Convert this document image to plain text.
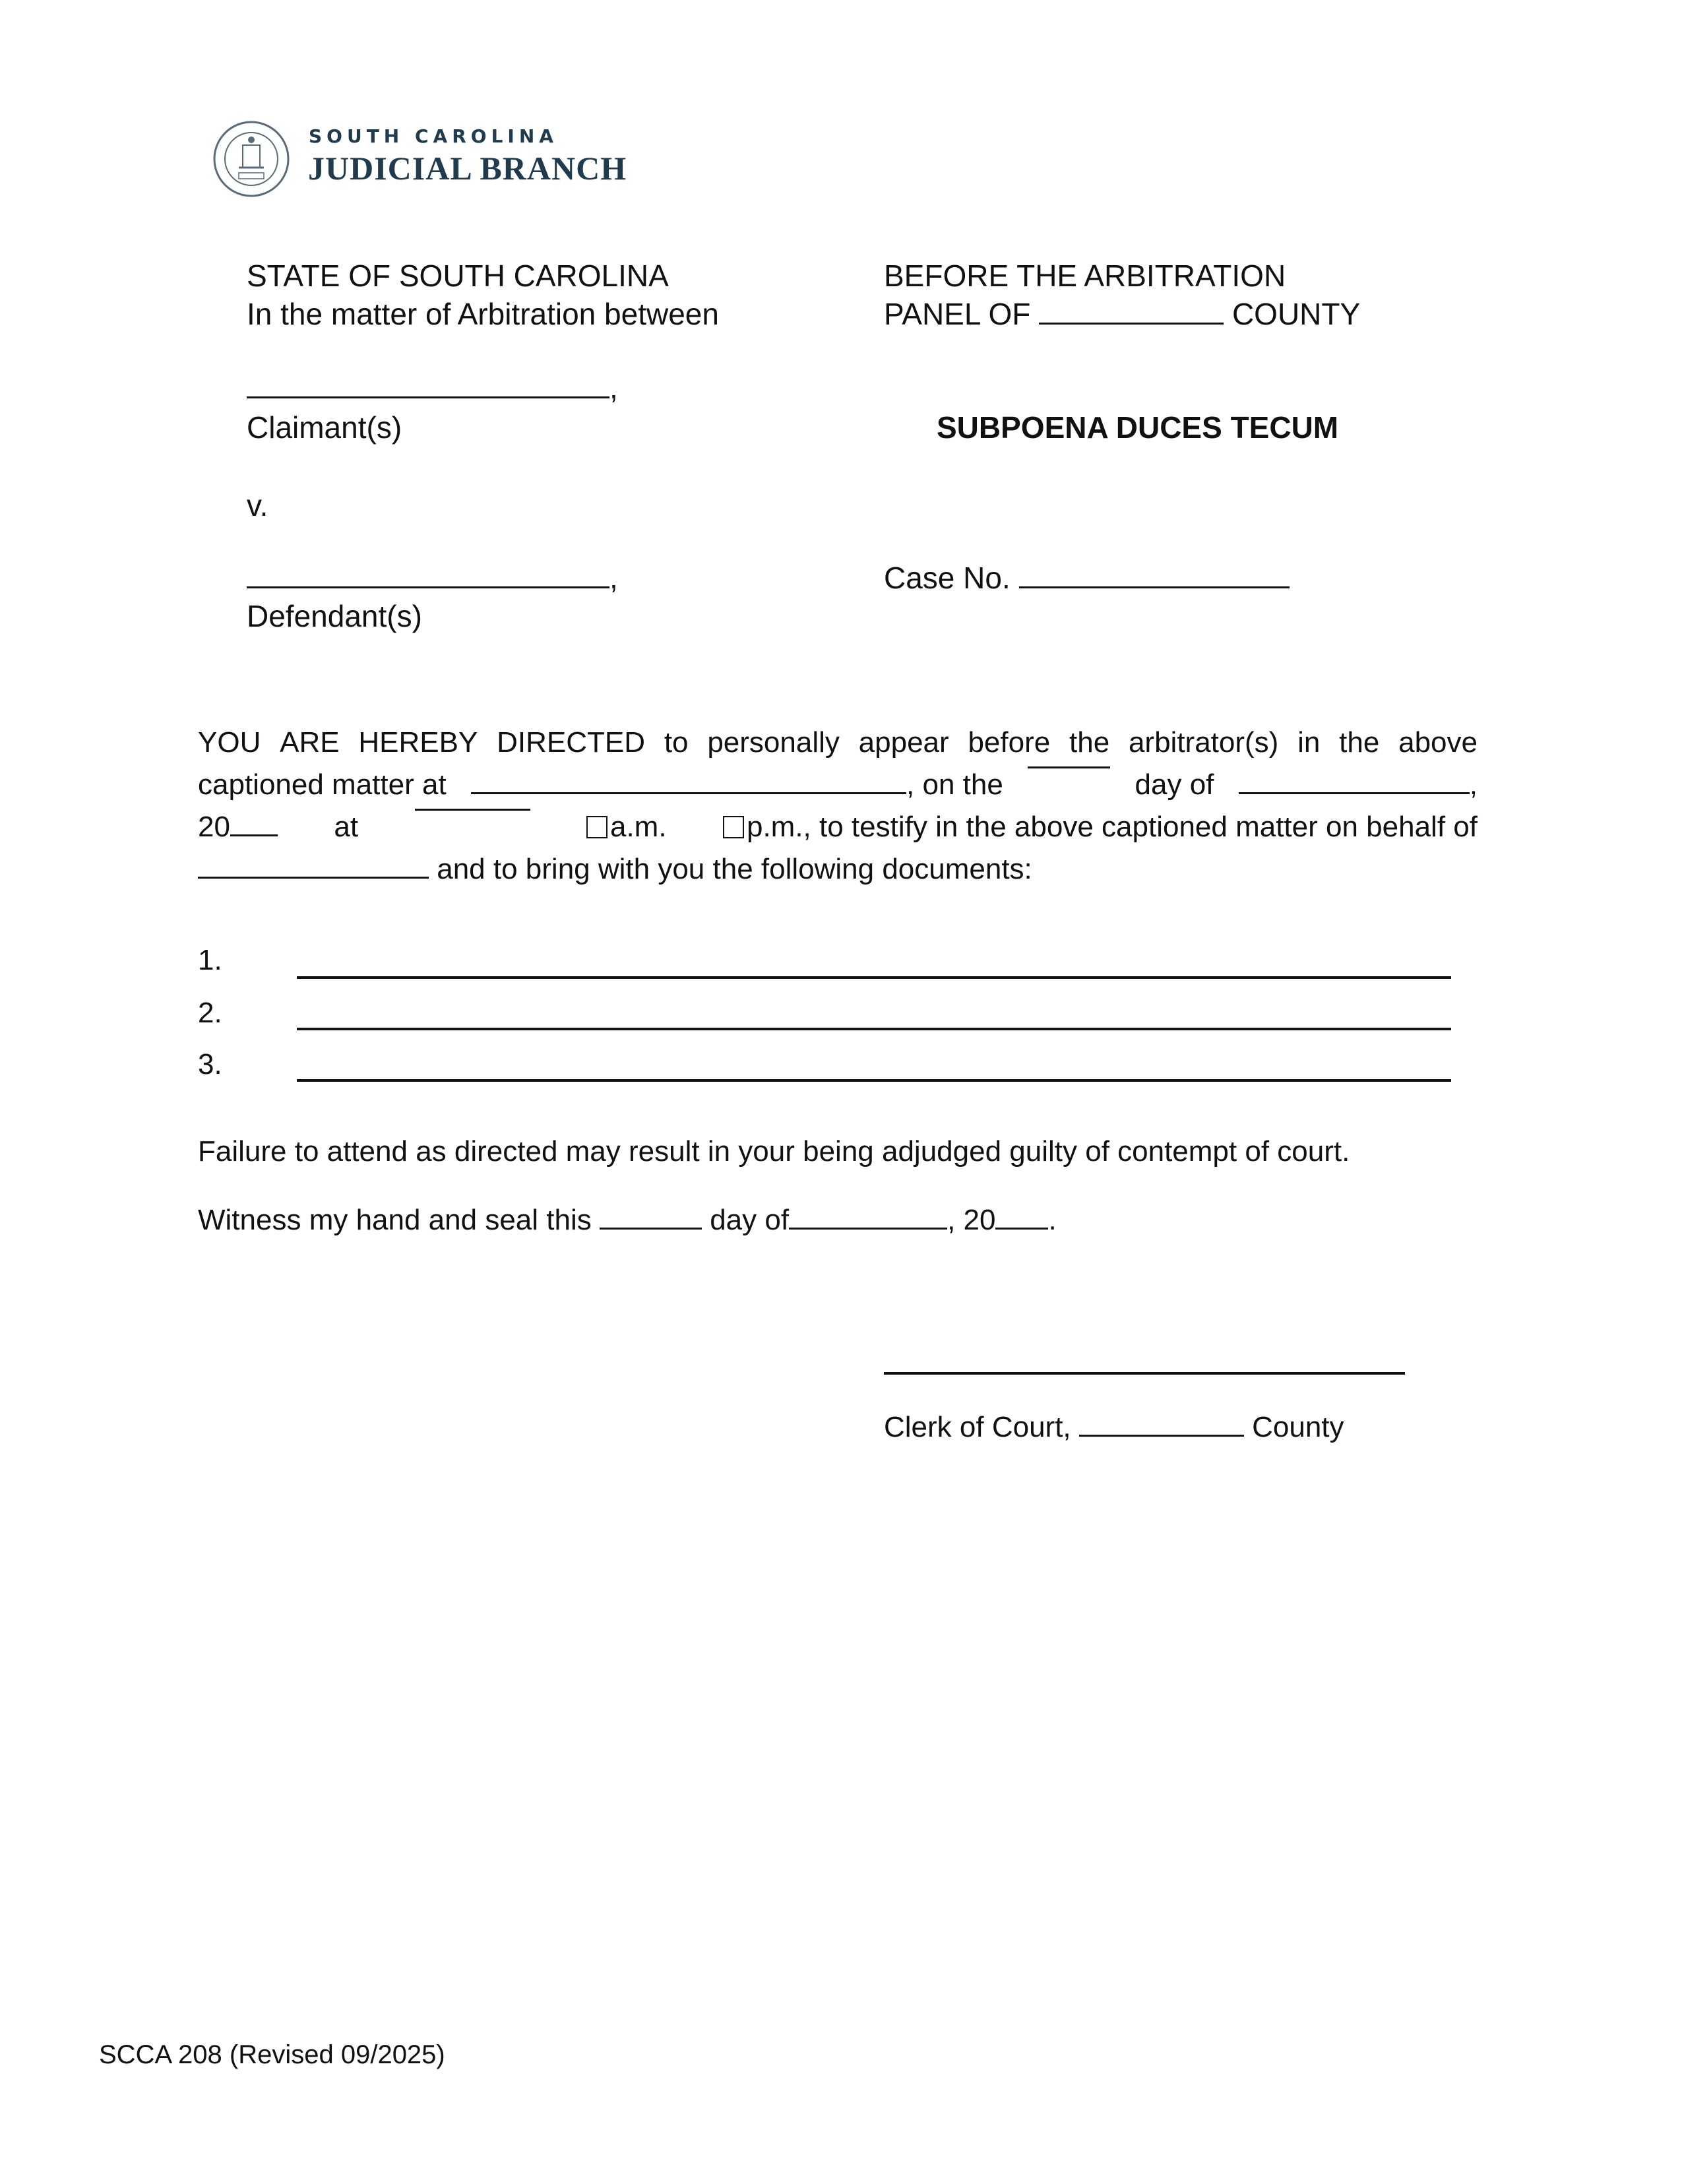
SOUTH CAROLINA
JUDICIAL BRANCH
STATE OF SOUTH CAROLINA
In the matter of Arbitration between
BEFORE THE ARBITRATION
PANEL OF	COUNTY
,
Claimant(s)	SUBPOENA DUCES TECUM
v.
,
Defendant(s)
Case No.
YOU ARE HEREBY DIRECTED to personally appear before the arbitrator(s) in the above
captioned matter at	, on the	day of	,
20	at	a.m.	p.m., to testify in the above captioned matter on behalf of
and to bring with you the following documents:
1.
2.
3.
Failure to attend as directed may result in your being adjudged guilty of contempt of court.
Witness my hand and seal this	day of	, 20 .
Clerk of Court,	County
SCCA 208 (Revised 09/2025)
